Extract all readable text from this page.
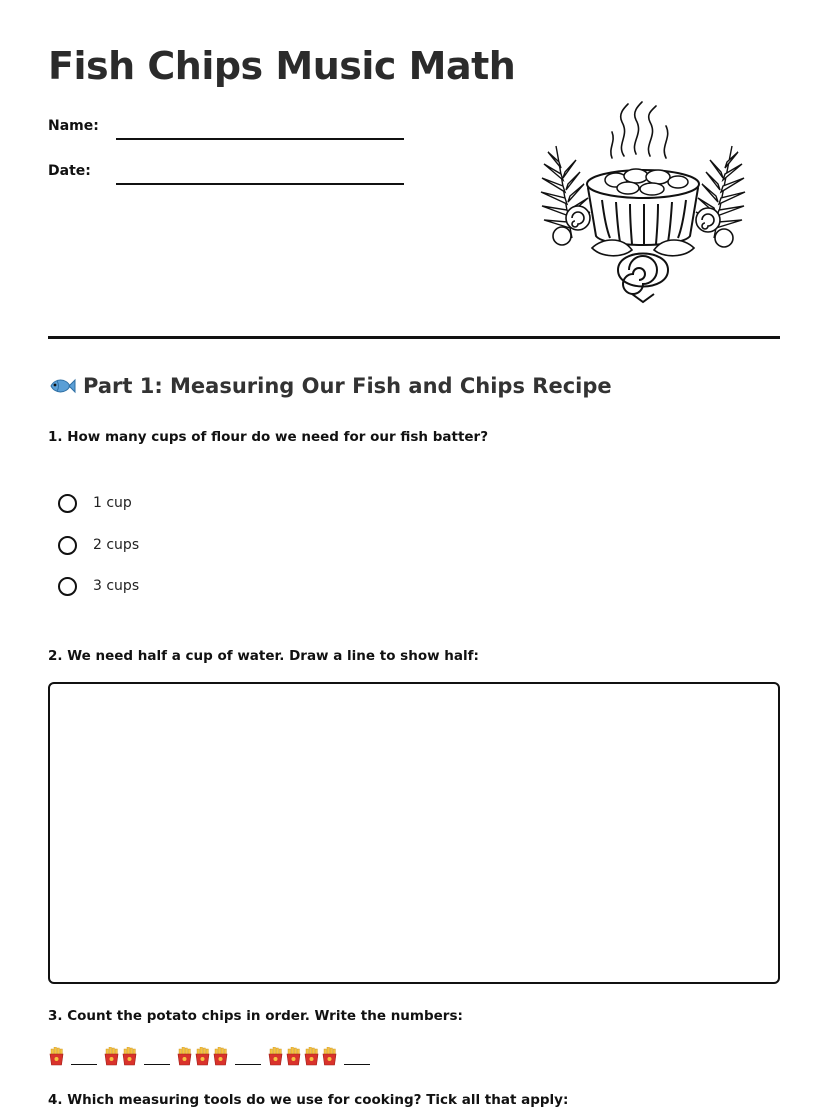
Fish Chips Music Math
Name:
Date:
Part 1: Measuring Our Fish and Chips Recipe

1. How many cups of flour do we need for our fish batter?

1 cup
2 cups
3 cups

2. We need half a cup of water. Draw a line to show half:

3. Count the potato chips in order. Write the numbers:

4. Which measuring tools do we use for cooking? Tick all that apply:
